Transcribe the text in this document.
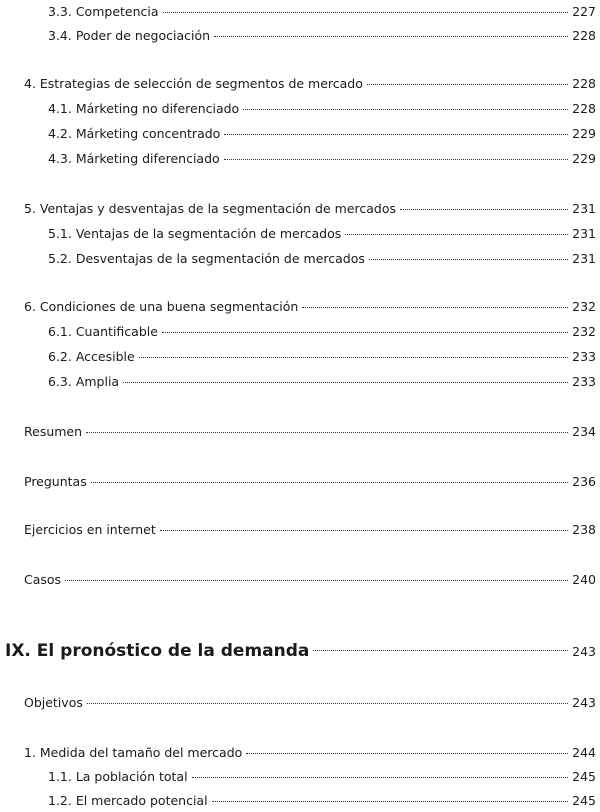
3.3. Competencia	227
3.4. Poder de negociación	228
4. Estrategias de selección de segmentos de mercado	228
4.1. Márketing no diferenciado	228
4.2. Márketing concentrado	229
4.3. Márketing diferenciado	229
5. Ventajas y desventajas de la segmentación de mercados	231
5.1. Ventajas de la segmentación de mercados	231
5.2. Desventajas de la segmentación de mercados	231
6. Condiciones de una buena segmentación	232
6.1. Cuantificable	232
6.2. Accesible	233
6.3. Amplia	233
Resumen	234
Preguntas	236
Ejercicios en internet	238
Casos	240
IX. El pronóstico de la demanda	243
Objetivos	243
1. Medida del tamaño del mercado	244
1.1. La población total	245
1.2. El mercado potencial	245
